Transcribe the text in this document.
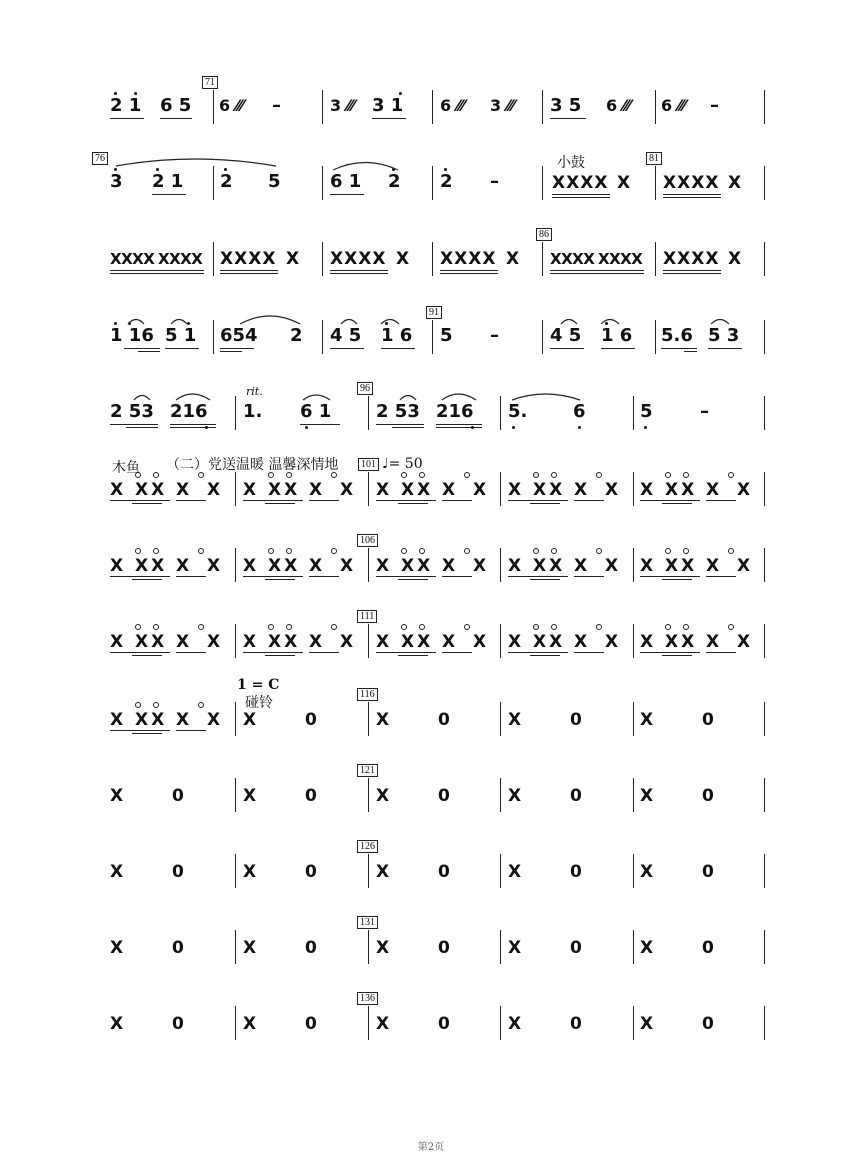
71
2 1 6 5 6 ⁄⁄⁄ –	3 ⁄⁄⁄ 3 1 6 ⁄⁄⁄ 3 ⁄⁄⁄ 3 5 6 ⁄⁄⁄ 6 ⁄⁄⁄ –
76	小鼓	81
3 2 1 2 5	6 1 2 2 –	XXXX X XXXX X
86
XXXX XXXX XXXX X XXXX X XXXX X XXXX XXXX XXXX X
91
1 16 5 1 654 2 4 5 1 6 5 –	4 5 1 6 5.6 5 3
rit.	96
2 53 216 1. 6 1 2 53 216 5.	6	5	–
木鱼 （二）党送温暖 温馨深情地	101 ♩= 50
X XX X X X XX X X X XX X X X XX X X X XX X X
106
X XX X X X XX X X X XX X X X XX X X X XX X X
111
X XX X X X XX X X X XX X X X XX X X X XX X X
116
X XX X X X	0	X	0	X	0	X	0
121
X	0	X	0	X	0	X	0	X	0
126
X	0	X	0	X	0	X	0	X	0
131
X	0	X	0	X	0	X	0	X	0
136
X	0	X	0	X	0	X	0	X	0
1 = C
碰铃
第2页
